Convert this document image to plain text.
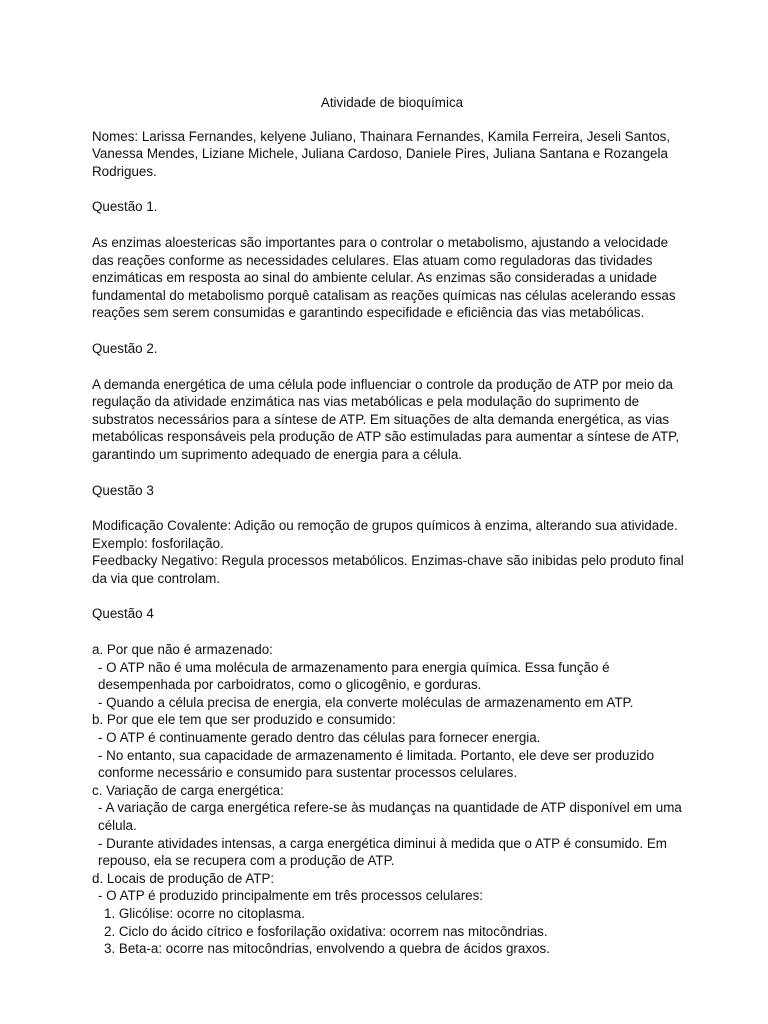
Atividade de bioquímica
Nomes: Larissa Fernandes, kelyene Juliano, Thainara Fernandes, Kamila Ferreira, Jeseli Santos, Vanessa Mendes, Liziane Michele, Juliana Cardoso, Daniele Pires, Juliana Santana e Rozangela Rodrigues.
Questão 1.
As enzimas aloestericas são importantes para o controlar o metabolismo, ajustando a velocidade das reações conforme as necessidades celulares. Elas atuam como reguladoras das tividades enzimáticas em resposta ao sinal do ambiente celular. As enzimas são consideradas a unidade fundamental do metabolismo porquê catalisam as reações químicas nas células acelerando essas reações sem serem consumidas e garantindo especifidade e eficiência das vias metabólicas.
Questão 2.
A demanda energética de uma célula pode influenciar o controle da produção de ATP por meio da regulação da atividade enzimática nas vias metabólicas e pela modulação do suprimento de substratos necessários para a síntese de ATP. Em situações de alta demanda energética, as vias metabólicas responsáveis pela produção de ATP são estimuladas para aumentar a síntese de ATP, garantindo um suprimento adequado de energia para a célula.
Questão 3
Modificação Covalente: Adição ou remoção de grupos químicos à enzima, alterando sua atividade.
Exemplo: fosforilação.
Feedbacky Negativo: Regula processos metabólicos. Enzimas-chave são inibidas pelo produto final da via que controlam.
Questão 4
a. Por que não é armazenado:
- O ATP não é uma molécula de armazenamento para energia química. Essa função é desempenhada por carboidratos, como o glicogênio, e gorduras.
- Quando a célula precisa de energia, ela converte moléculas de armazenamento em ATP.
b. Por que ele tem que ser produzido e consumido:
- O ATP é continuamente gerado dentro das células para fornecer energia.
- No entanto, sua capacidade de armazenamento é limitada. Portanto, ele deve ser produzido conforme necessário e consumido para sustentar processos celulares.
c. Variação de carga energética:
- A variação de carga energética refere-se às mudanças na quantidade de ATP disponível em uma célula.
- Durante atividades intensas, a carga energética diminui à medida que o ATP é consumido. Em repouso, ela se recupera com a produção de ATP.
d. Locais de produção de ATP:
- O ATP é produzido principalmente em três processos celulares:
1. Glicólise: ocorre no citoplasma.
2. Ciclo do ácido cítrico e fosforilação oxidativa: ocorrem nas mitocôndrias.
3. Beta-a: ocorre nas mitocôndrias, envolvendo a quebra de ácidos graxos.
